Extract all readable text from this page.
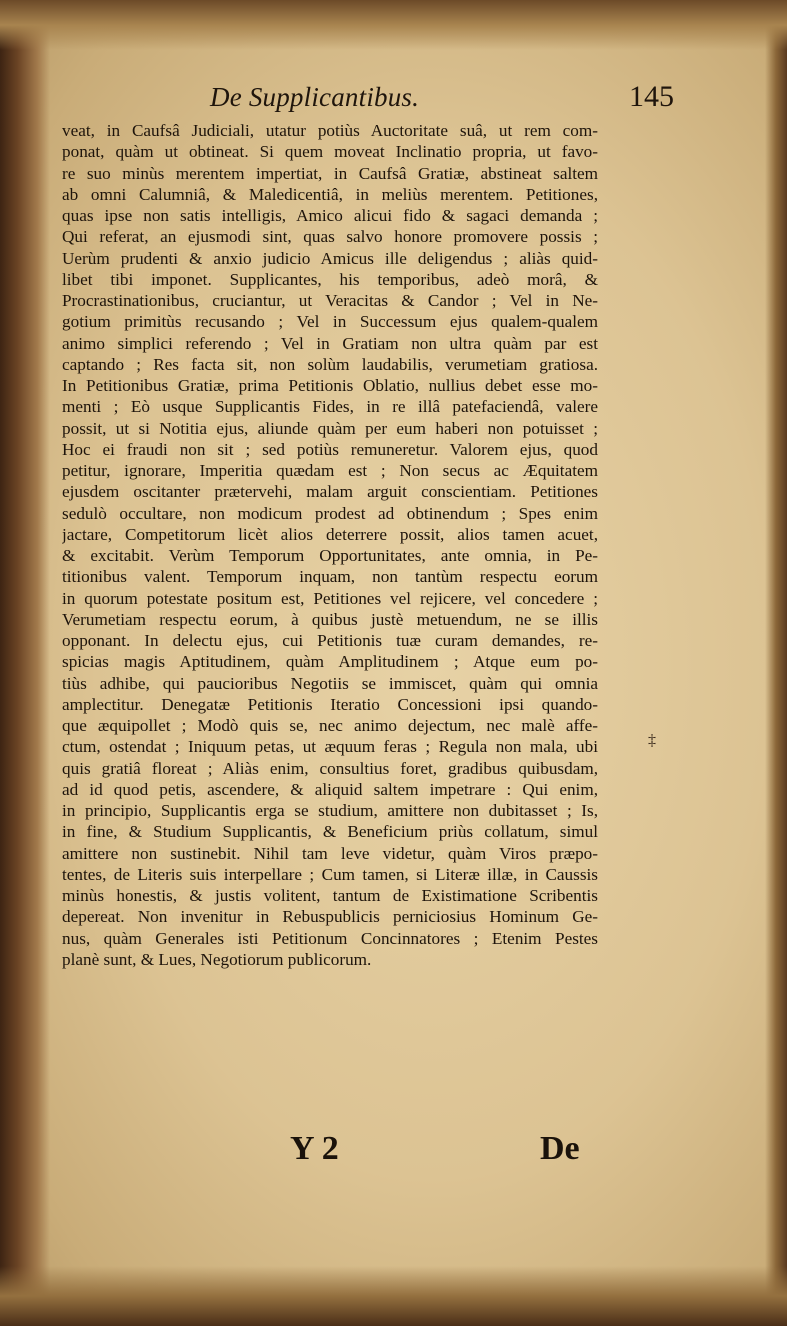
De Supplicantibus.	145
veat, in Caufsâ Judiciali, utatur potiùs Auctoritate suâ, ut rem com-
ponat, quàm ut obtineat. Si quem moveat Inclinatio propria, ut favo-
re suo minùs merentem impertiat, in Caufsâ Gratiæ, abstineat saltem
ab omni Calumniâ, & Maledicentiâ, in meliùs merentem. Petitiones,
quas ipse non satis intelligis, Amico alicui fido & sagaci demanda ;
Qui referat, an ejusmodi sint, quas salvo honore promovere possis ;
Uerùm prudenti & anxio judicio Amicus ille deligendus ; aliàs quid-
libet tibi imponet. Supplicantes, his temporibus, adeò morâ, &
Procrastinationibus, cruciantur, ut Veracitas & Candor ; Vel in Ne-
gotium primitùs recusando ; Vel in Successum ejus qualem-qualem
animo simplici referendo ; Vel in Gratiam non ultra quàm par est
captando ; Res facta sit, non solùm laudabilis, verumetiam gratiosa.
In Petitionibus Gratiæ, prima Petitionis Oblatio, nullius debet esse mo-
menti ; Eò usque Supplicantis Fides, in re illâ patefaciendâ, valere
possit, ut si Notitia ejus, aliunde quàm per eum haberi non potuisset ;
Hoc ei fraudi non sit ; sed potiùs remuneretur. Valorem ejus, quod
petitur, ignorare, Imperitia quædam est ; Non secus ac Æquitatem
ejusdem oscitanter prætervehi, malam arguit conscientiam. Petitiones
sedulò occultare, non modicum prodest ad obtinendum ; Spes enim
jactare, Competitorum licèt alios deterrere possit, alios tamen acuet,
& excitabit. Verùm Temporum Opportunitates, ante omnia, in Pe-
titionibus valent. Temporum inquam, non tantùm respectu eorum
in quorum potestate positum est, Petitiones vel rejicere, vel concedere ;
Verumetiam respectu eorum, à quibus justè metuendum, ne se illis
opponant. In delectu ejus, cui Petitionis tuæ curam demandes, re-
spicias magis Aptitudinem, quàm Amplitudinem ; Atque eum po-
tiùs adhibe, qui paucioribus Negotiis se immiscet, quàm qui omnia
amplectitur. Denegatæ Petitionis Iteratio Concessioni ipsi quando-
que æquipollet ; Modò quis se, nec animo dejectum, nec malè affe-
ctum, ostendat ; Iniquum petas, ut æquum feras ; Regula non mala, ubi
quis gratiâ floreat ; Aliàs enim, consultius foret, gradibus quibusdam,
ad id quod petis, ascendere, & aliquid saltem impetrare : Qui enim,
in principio, Supplicantis erga se studium, amittere non dubitasset ; Is,
in fine, & Studium Supplicantis, & Beneficium priùs collatum, simul
amittere non sustinebit. Nihil tam leve videtur, quàm Viros præpo-
tentes, de Literis suis interpellare ; Cum tamen, si Literæ illæ, in Caussis
minùs honestis, & justis volitent, tantum de Existimatione Scribentis
depereat. Non invenitur in Rebuspublicis perniciosius Hominum Ge-
nus, quàm Generales isti Petitionum Concinnatores ; Etenim Pestes
planè sunt, & Lues, Negotiorum publicorum.
‡
Y 2	De
